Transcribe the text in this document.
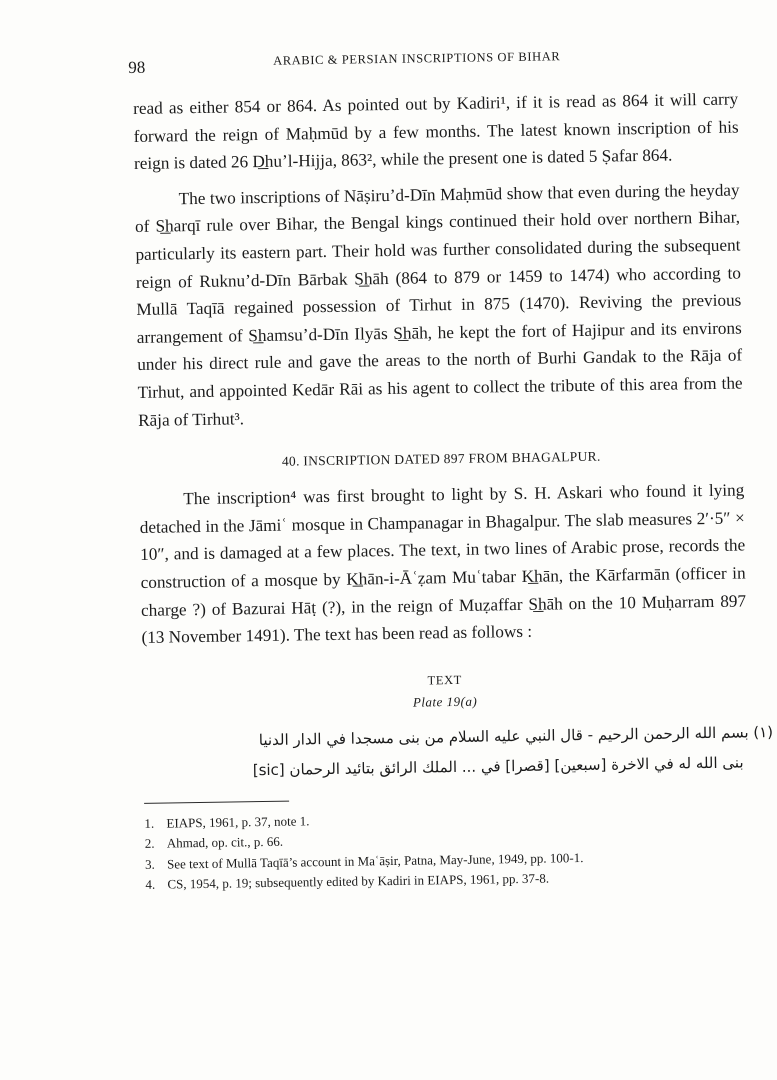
98	ARABIC & PERSIAN INSCRIPTIONS OF BIHAR

read as either 854 or 864. As pointed out by Kadiri¹, if it is read as 864 it will carry forward the reign of Maḥmūd by a few months. The latest known inscription of his reign is dated 26 D͟hu’l-Hijja, 863², while the present one is dated 5 Ṣafar 864.

The two inscriptions of Nāṣiru’d-Dīn Maḥmūd show that even during the heyday of S͟harqī rule over Bihar, the Bengal kings continued their hold over northern Bihar, particularly its eastern part. Their hold was further consolidated during the subsequent reign of Ruknu’d-Dīn Bārbak S͟hāh (864 to 879 or 1459 to 1474) who according to Mullā Taqīā regained possession of Tirhut in 875 (1470). Reviving the previous arrangement of S͟hamsu’d-Dīn Ilyās S͟hāh, he kept the fort of Hajipur and its environs under his direct rule and gave the areas to the north of Burhi Gandak to the Rāja of Tirhut, and appointed Kedār Rāi as his agent to collect the tribute of this area from the Rāja of Tirhut³.

40. INSCRIPTION DATED 897 FROM BHAGALPUR.

The inscription⁴ was first brought to light by S. H. Askari who found it lying detached in the Jāmiʿ mosque in Champanagar in Bhagalpur. The slab measures 2′·5″ × 10″, and is damaged at a few places. The text, in two lines of Arabic prose, records the construction of a mosque by K͟hān-i-Āʿẓam Muʿtabar K͟hān, the Kārfarmān (officer in charge ?) of Bazurai Hāṭ (?), in the reign of Muẓaffar S͟hāh on the 10 Muḥarram 897 (13 November 1491). The text has been read as follows :

TEXT
Plate 19(a)
(١) بسم الله الرحمن الرحيم - قال النبي عليه السلام من بنى مسجدا في الدار الدنيا
بنى الله له في الاخرة [سبعين] [قصرا] في ... الملك الرائق بتائيد الرحمان [sic]
1. EIAPS, 1961, p. 37, note 1.
2. Ahmad, op. cit., p. 66.
3. See text of Mullā Taqīā’s account in Maʿāṣir, Patna, May-June, 1949, pp. 100-1.
4. CS, 1954, p. 19; subsequently edited by Kadiri in EIAPS, 1961, pp. 37-8.
